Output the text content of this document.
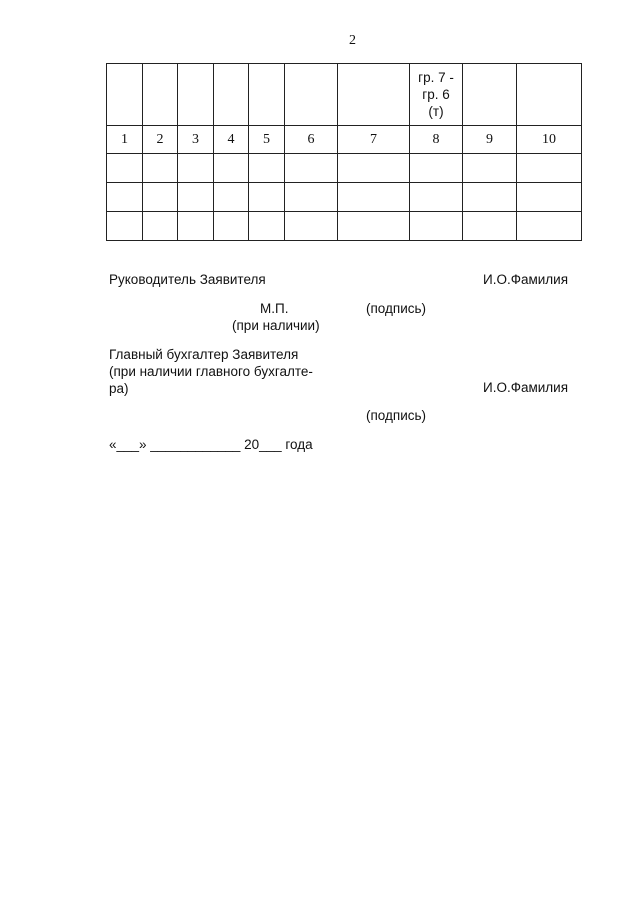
2

							гр. 7 -
гр. 6
(т)		

1	2	3	4	5	6	7	8	9	10

Руководитель Заявителя	И.О.Фамилия
М.П.	(подпись)
(при наличии)
Главный бухгалтер Заявителя
(при наличии главного бухгалте-
ра)	И.О.Фамилия
(подпись)
«___» ____________ 20___ года
